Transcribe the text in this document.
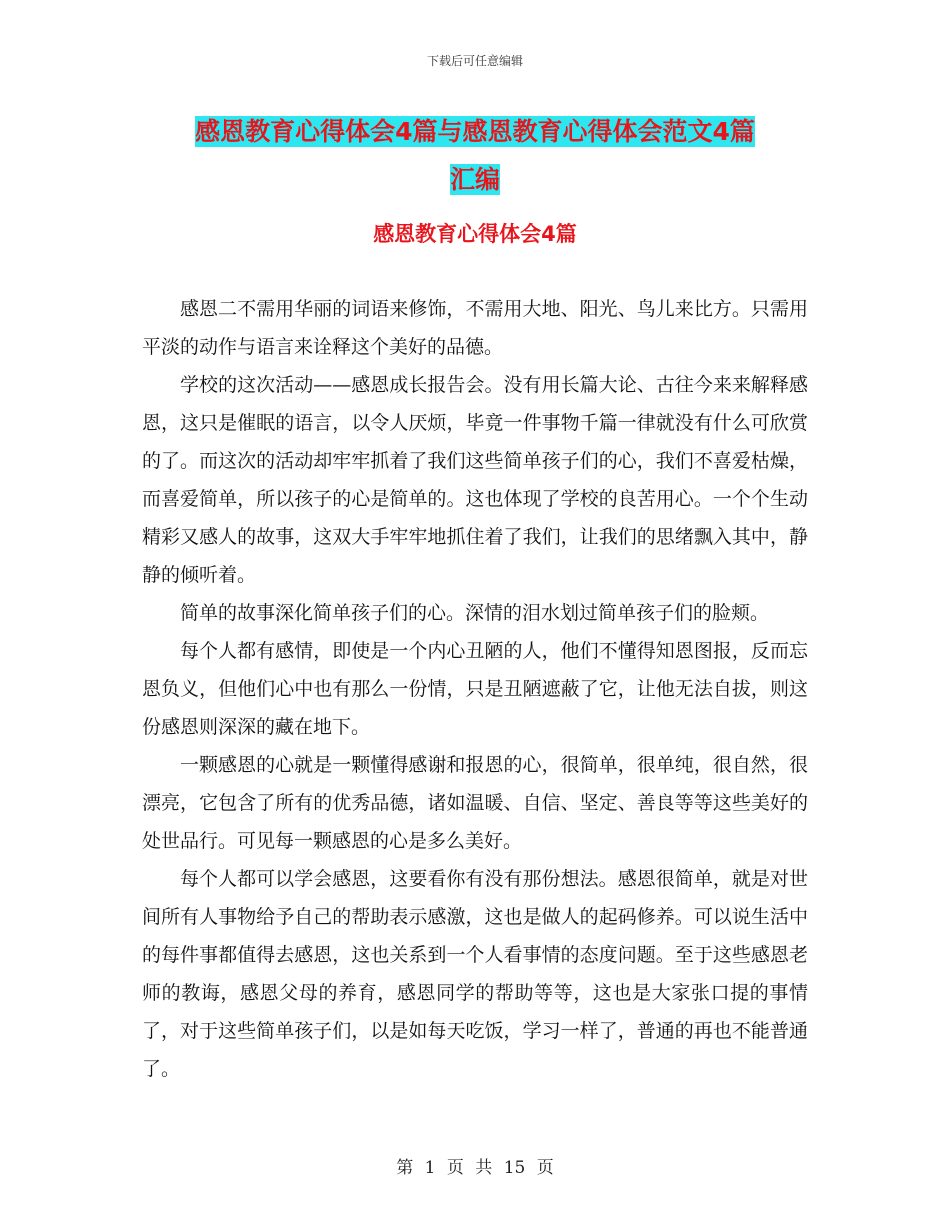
下载后可任意编辑
感恩教育心得体会4篇与感恩教育心得体会范文4篇
汇编
感恩教育心得体会4篇

感恩二不需用华丽的词语来修饰，不需用大地、阳光、鸟儿来比方。只需用平淡的动作与语言来诠释这个美好的品德。

学校的这次活动——感恩成长报告会。没有用长篇大论、古往今来来解释感恩，这只是催眠的语言，以令人厌烦，毕竟一件事物千篇一律就没有什么可欣赏的了。而这次的活动却牢牢抓着了我们这些简单孩子们的心，我们不喜爱枯燥，而喜爱简单，所以孩子的心是简单的。这也体现了学校的良苦用心。一个个生动精彩又感人的故事，这双大手牢牢地抓住着了我们，让我们的思绪飘入其中，静静的倾听着。

简单的故事深化简单孩子们的心。深情的泪水划过简单孩子们的脸颊。

每个人都有感情，即使是一个内心丑陋的人，他们不懂得知恩图报，反而忘恩负义，但他们心中也有那么一份情，只是丑陋遮蔽了它，让他无法自拔，则这份感恩则深深的藏在地下。

一颗感恩的心就是一颗懂得感谢和报恩的心，很简单，很单纯，很自然，很漂亮，它包含了所有的优秀品德，诸如温暖、自信、坚定、善良等等这些美好的处世品行。可见每一颗感恩的心是多么美好。

每个人都可以学会感恩，这要看你有没有那份想法。感恩很简单，就是对世间所有人事物给予自己的帮助表示感激，这也是做人的起码修养。可以说生活中的每件事都值得去感恩，这也关系到一个人看事情的态度问题。至于这些感恩老师的教诲，感恩父母的养育，感恩同学的帮助等等，这也是大家张口提的事情了，对于这些简单孩子们，以是如每天吃饭，学习一样了，普通的再也不能普通了。

第 1 页 共 15 页
